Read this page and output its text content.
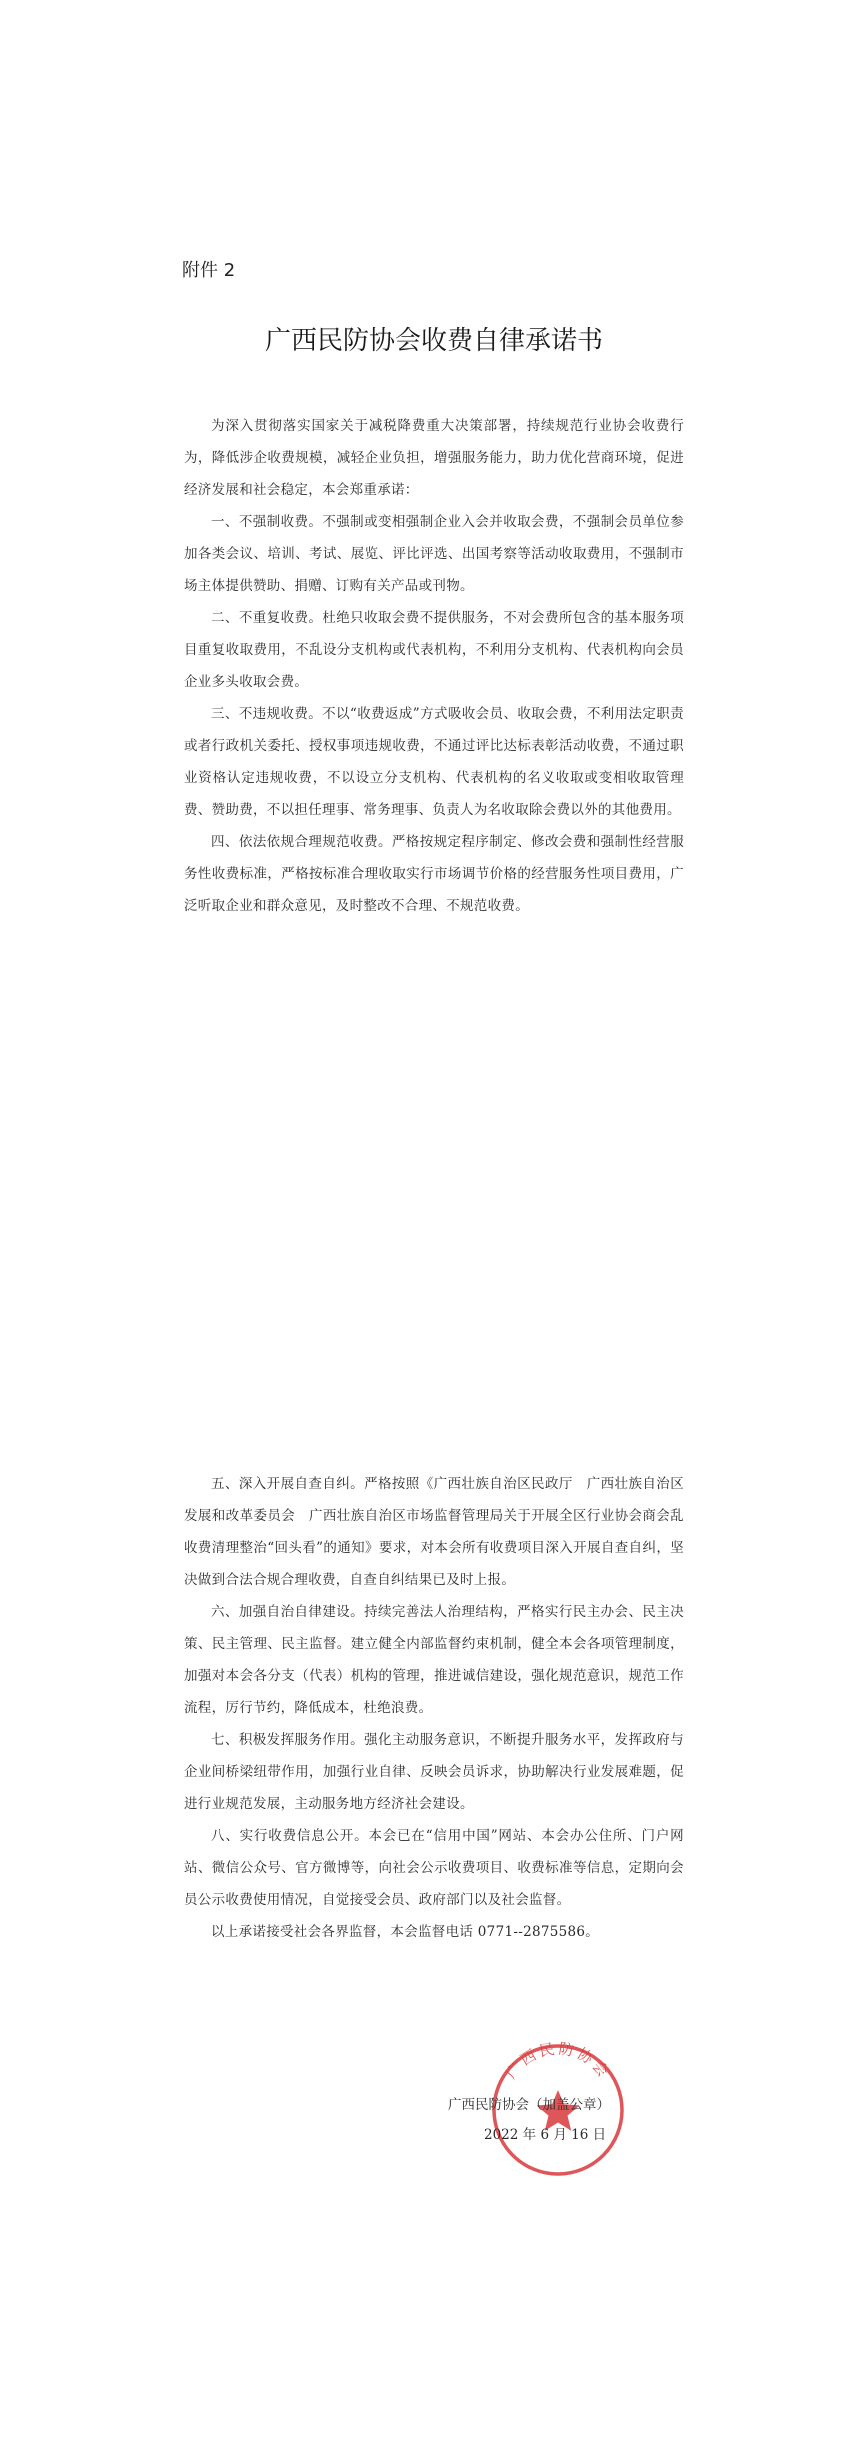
附件 2
广西民防协会收费自律承诺书

为深入贯彻落实国家关于减税降费重大决策部署，持续规范行业协会收费行为，降低涉企收费规模，减轻企业负担，增强服务能力，助力优化营商环境，促进经济发展和社会稳定，本会郑重承诺：

一、不强制收费。不强制或变相强制企业入会并收取会费，不强制会员单位参加各类会议、培训、考试、展览、评比评选、出国考察等活动收取费用，不强制市场主体提供赞助、捐赠、订购有关产品或刊物。

二、不重复收费。杜绝只收取会费不提供服务，不对会费所包含的基本服务项目重复收取费用，不乱设分支机构或代表机构，不利用分支机构、代表机构向会员企业多头收取会费。

三、不违规收费。不以“收费返成”方式吸收会员、收取会费，不利用法定职责或者行政机关委托、授权事项违规收费，不通过评比达标表彰活动收费，不通过职业资格认定违规收费，不以设立分支机构、代表机构的名义收取或变相收取管理费、赞助费，不以担任理事、常务理事、负责人为名收取除会费以外的其他费用。

四、依法依规合理规范收费。严格按规定程序制定、修改会费和强制性经营服务性收费标准，严格按标准合理收取实行市场调节价格的经营服务性项目费用，广泛听取企业和群众意见，及时整改不合理、不规范收费。

五、深入开展自查自纠。严格按照《广西壮族自治区民政厅　广西壮族自治区发展和改革委员会　广西壮族自治区市场监督管理局关于开展全区行业协会商会乱收费清理整治“回头看”的通知》要求，对本会所有收费项目深入开展自查自纠，坚决做到合法合规合理收费，自查自纠结果已及时上报。

六、加强自治自律建设。持续完善法人治理结构，严格实行民主办会、民主决策、民主管理、民主监督。建立健全内部监督约束机制，健全本会各项管理制度，加强对本会各分支（代表）机构的管理，推进诚信建设，强化规范意识，规范工作流程，厉行节约，降低成本，杜绝浪费。

七、积极发挥服务作用。强化主动服务意识，不断提升服务水平，发挥政府与企业间桥梁纽带作用，加强行业自律、反映会员诉求，协助解决行业发展难题，促进行业规范发展，主动服务地方经济社会建设。

八、实行收费信息公开。本会已在“信用中国”网站、本会办公住所、门户网站、微信公众号、官方微博等，向社会公示收费项目、收费标准等信息，定期向会员公示收费使用情况，自觉接受会员、政府部门以及社会监督。

以上承诺接受社会各界监督，本会监督电话 0771--2875586。

广西民防协会
广西民防协会（加盖公章）
2022 年 6 月 16 日
